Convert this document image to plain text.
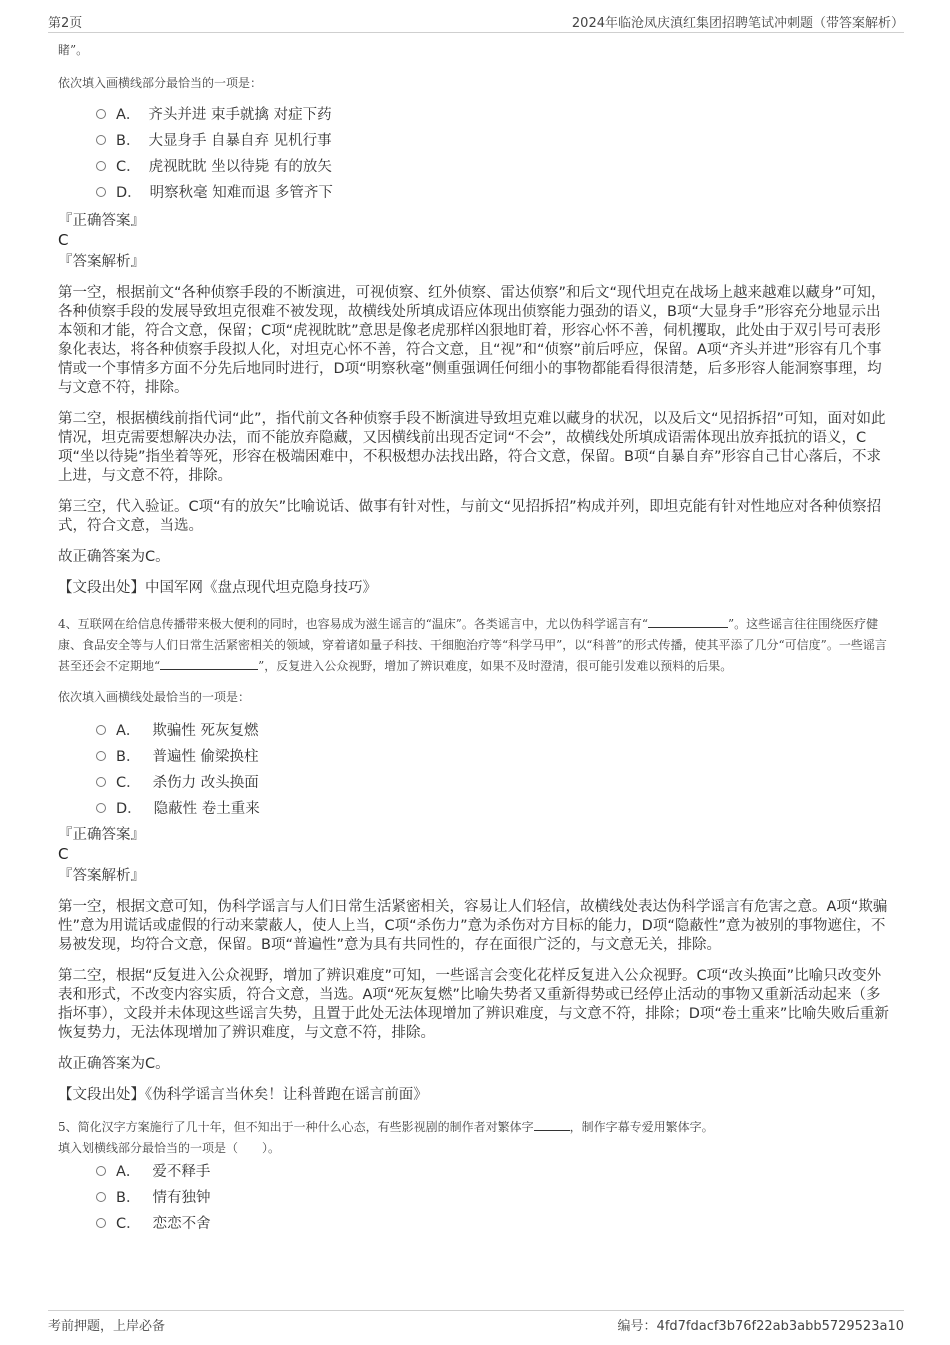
第2页	2024年临沧凤庆滇红集团招聘笔试冲刺题（带答案解析）
睹”。
依次填入画横线部分最恰当的一项是：
A． 齐头并进 束手就擒 对症下药
B． 大显身手 自暴自弃 见机行事
C． 虎视眈眈 坐以待毙 有的放矢
D． 明察秋毫 知难而退 多管齐下
『正确答案』
C
『答案解析』

第一空，根据前文“各种侦察手段的不断演进，可视侦察、红外侦察、雷达侦察”和后文“现代坦克在战场上越来越难以藏身”可知，各种侦察手段的发展导致坦克很难不被发现，故横线处所填成语应体现出侦察能力强劲的语义，B项“大显身手”形容充分地显示出本领和才能，符合文意，保留；C项“虎视眈眈”意思是像老虎那样凶狠地盯着，形容心怀不善，伺机攫取，此处由于双引号可表形象化表达，将各种侦察手段拟人化，对坦克心怀不善，符合文意，且“视”和“侦察”前后呼应，保留。A项“齐头并进”形容有几个事情或一个事情多方面不分先后地同时进行，D项“明察秋毫”侧重强调任何细小的事物都能看得很清楚，后多形容人能洞察事理，均与文意不符，排除。

第二空，根据横线前指代词“此”，指代前文各种侦察手段不断演进导致坦克难以藏身的状况，以及后文“见招拆招”可知，面对如此情况，坦克需要想解决办法，而不能放弃隐藏，又因横线前出现否定词“不会”，故横线处所填成语需体现出放弃抵抗的语义，C项“坐以待毙”指坐着等死，形容在极端困难中，不积极想办法找出路，符合文意，保留。B项“自暴自弃”形容自己甘心落后，不求上进，与文意不符，排除。

第三空，代入验证。C项“有的放矢”比喻说话、做事有针对性，与前文“见招拆招”构成并列，即坦克能有针对性地应对各种侦察招式，符合文意，当选。

故正确答案为C。

【文段出处】中国军网《盘点现代坦克隐身技巧》

4、互联网在给信息传播带来极大便利的同时，也容易成为滋生谣言的“温床”。各类谣言中，尤以伪科学谣言有“	”。这些谣言往往围绕医疗健康、食品安全等与人们日常生活紧密相关的领域，穿着诸如量子科技、干细胞治疗等“科学马甲”，以“科普”的形式传播，使其平添了几分“可信度”。一些谣言甚至还会不定期地“	”，反复进入公众视野，增加了辨识难度，如果不及时澄清，很可能引发难以预料的后果。
依次填入画横线处最恰当的一项是：
A． 欺骗性 死灰复燃
B． 普遍性 偷梁换柱
C． 杀伤力 改头换面
D． 隐蔽性 卷土重来
『正确答案』
C
『答案解析』

第一空，根据文意可知，伪科学谣言与人们日常生活紧密相关，容易让人们轻信，故横线处表达伪科学谣言有危害之意。A项“欺骗性”意为用谎话或虚假的行动来蒙蔽人，使人上当，C项“杀伤力”意为杀伤对方目标的能力，D项“隐蔽性”意为被别的事物遮住，不易被发现，均符合文意，保留。B项“普遍性”意为具有共同性的，存在面很广泛的，与文意无关，排除。

第二空，根据“反复进入公众视野，增加了辨识难度”可知，一些谣言会变化花样反复进入公众视野。C项“改头换面”比喻只改变外表和形式，不改变内容实质，符合文意，当选。A项“死灰复燃”比喻失势者又重新得势或已经停止活动的事物又重新活动起来（多指坏事），文段并未体现这些谣言失势，且置于此处无法体现增加了辨识难度，与文意不符，排除；D项“卷土重来”比喻失败后重新恢复势力，无法体现增加了辨识难度，与文意不符，排除。

故正确答案为C。

【文段出处】《伪科学谣言当休矣！让科普跑在谣言前面》

5、简化汉字方案施行了几十年，但不知出于一种什么心态，有些影视剧的制作者对繁体字	，制作字幕专爱用繁体字。
填入划横线部分最恰当的一项是（　　）。
A． 爱不释手
B． 情有独钟
C． 恋恋不舍
考前押题，上岸必备	编号：4fd7fdacf3b76f22ab3abb5729523a10
